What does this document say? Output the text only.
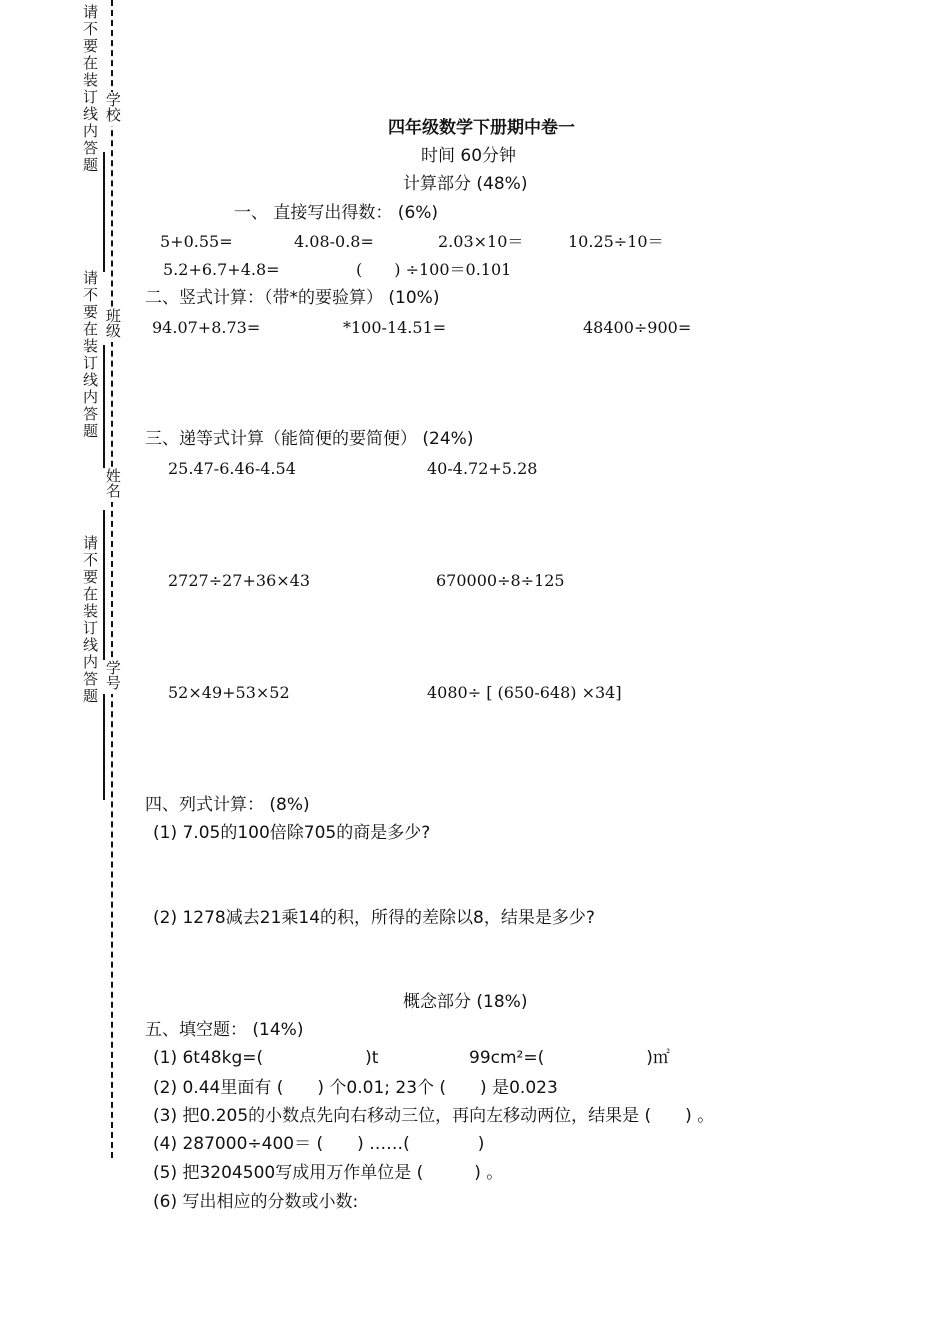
请不要在装订线内答题
请不要在装订线内答题
请不要在装订线内答题
学校
班级
姓名
学号
四年级数学下册期中卷一
时间 60分钟
计算部分 (48%)
一、 直接写出得数： (6%)
5+0.55=	4.08-0.8=	2.03×10＝	10.25÷10＝
5.2+6.7+4.8=	(　　) ÷100＝0.101
二、竖式计算：（带*的要验算） (10%)
94.07+8.73=	*100-14.51=	48400÷900=
三、递等式计算（能简便的要简便） (24%)
25.47-6.46-4.54	40-4.72+5.28
2727÷27+36×43	670000÷8÷125
52×49+53×52	4080÷ [ (650-648) ×34]
四、列式计算： (8%)
(1) 7.05的100倍除705的商是多少?
(2) 1278减去21乘14的积，所得的差除以8，结果是多少?
概念部分 (18%)
五、填空题： (14%)
(1) 6t48kg=(　　　　　　)t	99cm²=(　　　　　　)㎡
(2) 0.44里面有 (　　) 个0.01; 23个 (　　) 是0.023
(3) 把0.205的小数点先向右移动三位，再向左移动两位，结果是 (　　) 。
(4) 287000÷400＝ (　　) ……(　　　　)
(5) 把3204500写成用万作单位是 (　　　) 。
(6) 写出相应的分数或小数:
